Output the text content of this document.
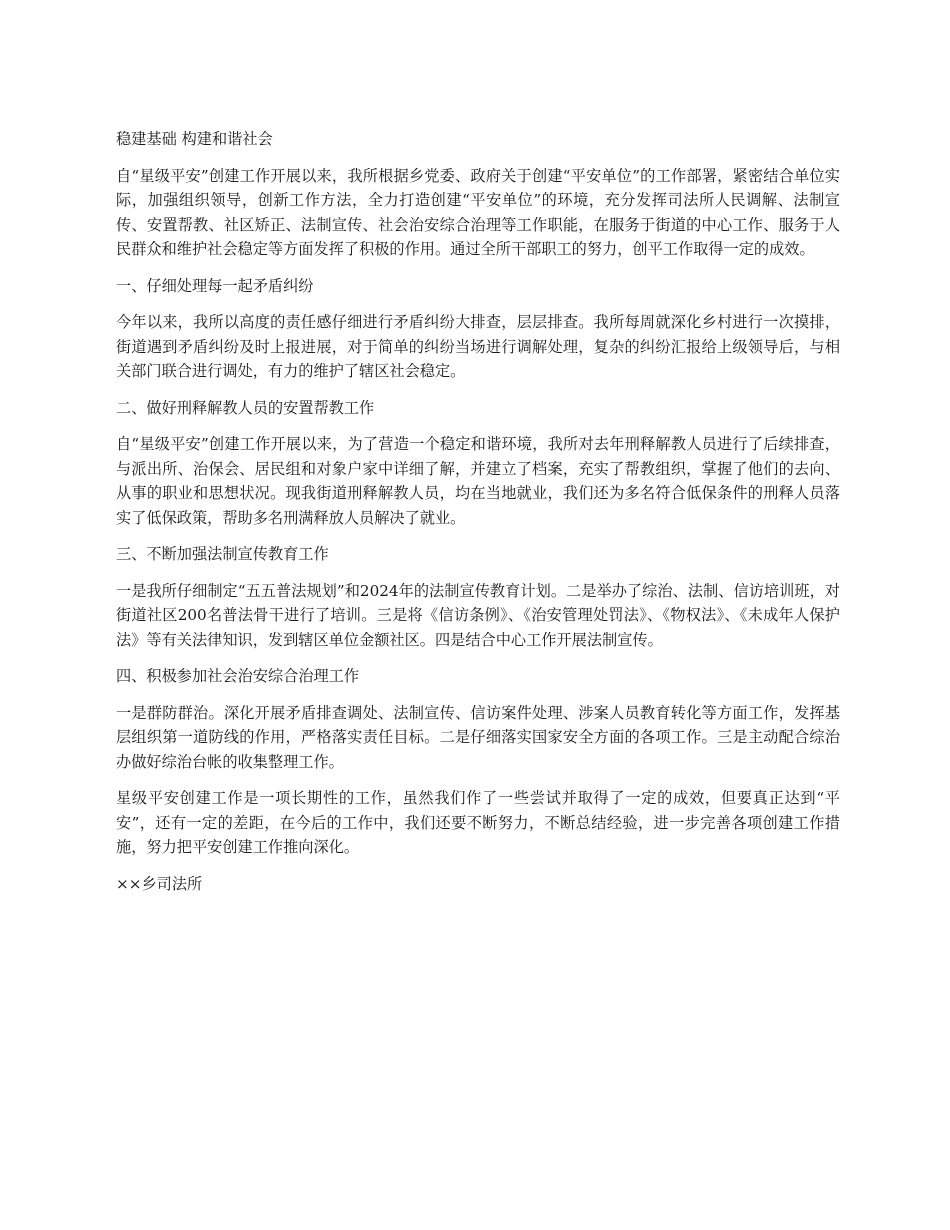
稳建基础 构建和谐社会

自“星级平安”创建工作开展以来，我所根据乡党委、政府关于创建“平安单位”的工作部署，紧密结合单位实际，加强组织领导，创新工作方法，全力打造创建“平安单位”的环境，充分发挥司法所人民调解、法制宣传、安置帮教、社区矫正、法制宣传、社会治安综合治理等工作职能，在服务于街道的中心工作、服务于人民群众和维护社会稳定等方面发挥了积极的作用。通过全所干部职工的努力，创平工作取得一定的成效。

一、仔细处理每一起矛盾纠纷

今年以来，我所以高度的责任感仔细进行矛盾纠纷大排查，层层排查。我所每周就深化乡村进行一次摸排，街道遇到矛盾纠纷及时上报进展，对于简单的纠纷当场进行调解处理，复杂的纠纷汇报给上级领导后，与相关部门联合进行调处，有力的维护了辖区社会稳定。

二、做好刑释解教人员的安置帮教工作

自“星级平安”创建工作开展以来，为了营造一个稳定和谐环境，我所对去年刑释解教人员进行了后续排查，与派出所、治保会、居民组和对象户家中详细了解，并建立了档案，充实了帮教组织，掌握了他们的去向、从事的职业和思想状况。现我街道刑释解教人员，均在当地就业，我们还为多名符合低保条件的刑释人员落实了低保政策，帮助多名刑满释放人员解决了就业。

三、不断加强法制宣传教育工作

一是我所仔细制定“五五普法规划”和2024年的法制宣传教育计划。二是举办了综治、法制、信访培训班，对街道社区200名普法骨干进行了培训。三是将《信访条例》、《治安管理处罚法》、《物权法》、《未成年人保护法》等有关法律知识，发到辖区单位金额社区。四是结合中心工作开展法制宣传。

四、积极参加社会治安综合治理工作

一是群防群治。深化开展矛盾排查调处、法制宣传、信访案件处理、涉案人员教育转化等方面工作，发挥基层组织第一道防线的作用，严格落实责任目标。二是仔细落实国家安全方面的各项工作。三是主动配合综治办做好综治台帐的收集整理工作。

星级平安创建工作是一项长期性的工作，虽然我们作了一些尝试并取得了一定的成效，但要真正达到“平安”，还有一定的差距，在今后的工作中，我们还要不断努力，不断总结经验，进一步完善各项创建工作措施，努力把平安创建工作推向深化。

××乡司法所
